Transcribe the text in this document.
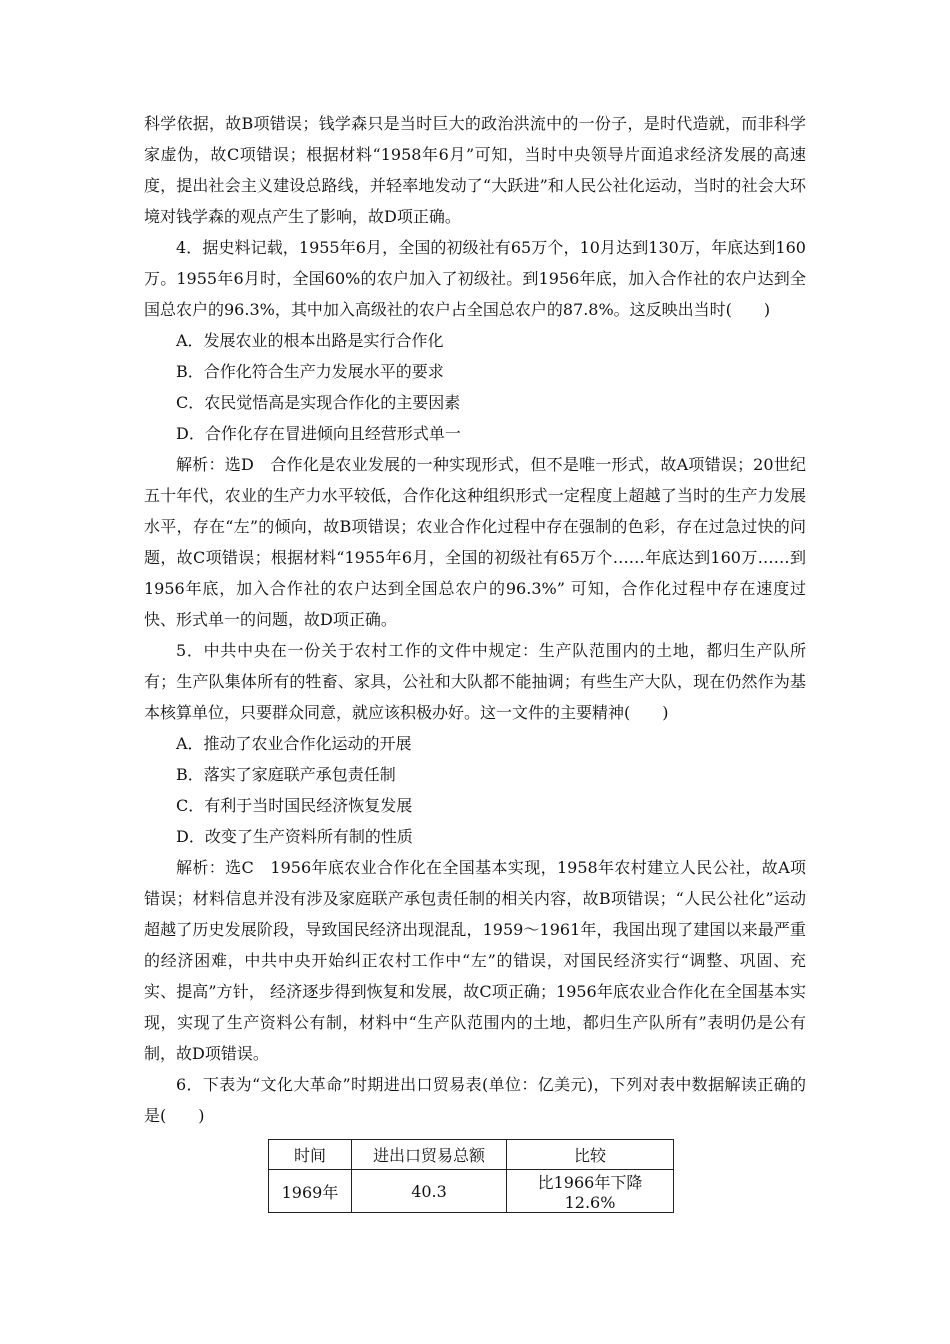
科学依据，故B项错误；钱学森只是当时巨大的政治洪流中的一份子，是时代造就，而非科学家虚伪，故C项错误；根据材料“1958年6月”可知，当时中央领导片面追求经济发展的高速度，提出社会主义建设总路线，并轻率地发动了“大跃进”和人民公社化运动，当时的社会大环境对钱学森的观点产生了影响，故D项正确。

4．据史料记载，1955年6月，全国的初级社有65万个，10月达到130万，年底达到160万。1955年6月时，全国60%的农户加入了初级社。到1956年底，加入合作社的农户达到全国总农户的96.3%，其中加入高级社的农户占全国总农户的87.8%。这反映出当时(　　)

A．发展农业的根本出路是实行合作化

B．合作化符合生产力发展水平的要求

C．农民觉悟高是实现合作化的主要因素

D．合作化存在冒进倾向且经营形式单一

解析：选D　合作化是农业发展的一种实现形式，但不是唯一形式，故A项错误；20世纪五十年代，农业的生产力水平较低，合作化这种组织形式一定程度上超越了当时的生产力发展水平，存在“左”的倾向，故B项错误；农业合作化过程中存在强制的色彩，存在过急过快的问题，故C项错误；根据材料“1955年6月，全国的初级社有65万个……年底达到160万……到1956年底，加入合作社的农户达到全国总农户的96.3%” 可知，合作化过程中存在速度过快、形式单一的问题，故D项正确。

5．中共中央在一份关于农村工作的文件中规定：生产队范围内的土地，都归生产队所有；生产队集体所有的牲畜、家具，公社和大队都不能抽调；有些生产大队，现在仍然作为基本核算单位，只要群众同意，就应该积极办好。这一文件的主要精神(　　)

A．推动了农业合作化运动的开展

B．落实了家庭联产承包责任制

C．有利于当时国民经济恢复发展

D．改变了生产资料所有制的性质

解析：选C　1956年底农业合作化在全国基本实现，1958年农村建立人民公社，故A项错误；材料信息并没有涉及家庭联产承包责任制的相关内容，故B项错误；“人民公社化”运动超越了历史发展阶段，导致国民经济出现混乱，1959～1961年，我国出现了建国以来最严重的经济困难，中共中央开始纠正农村工作中“左”的错误，对国民经济实行“调整、巩固、充实、提高”方针， 经济逐步得到恢复和发展，故C项正确；1956年底农业合作化在全国基本实现，实现了生产资料公有制，材料中“生产队范围内的土地，都归生产队所有”表明仍是公有制，故D项错误。

6．下表为“文化大革命”时期进出口贸易表(单位：亿美元)，下列对表中数据解读正确的是(　　)

时间	进出口贸易总额	比较
1969年	40.3	比1966年下降12.6%
